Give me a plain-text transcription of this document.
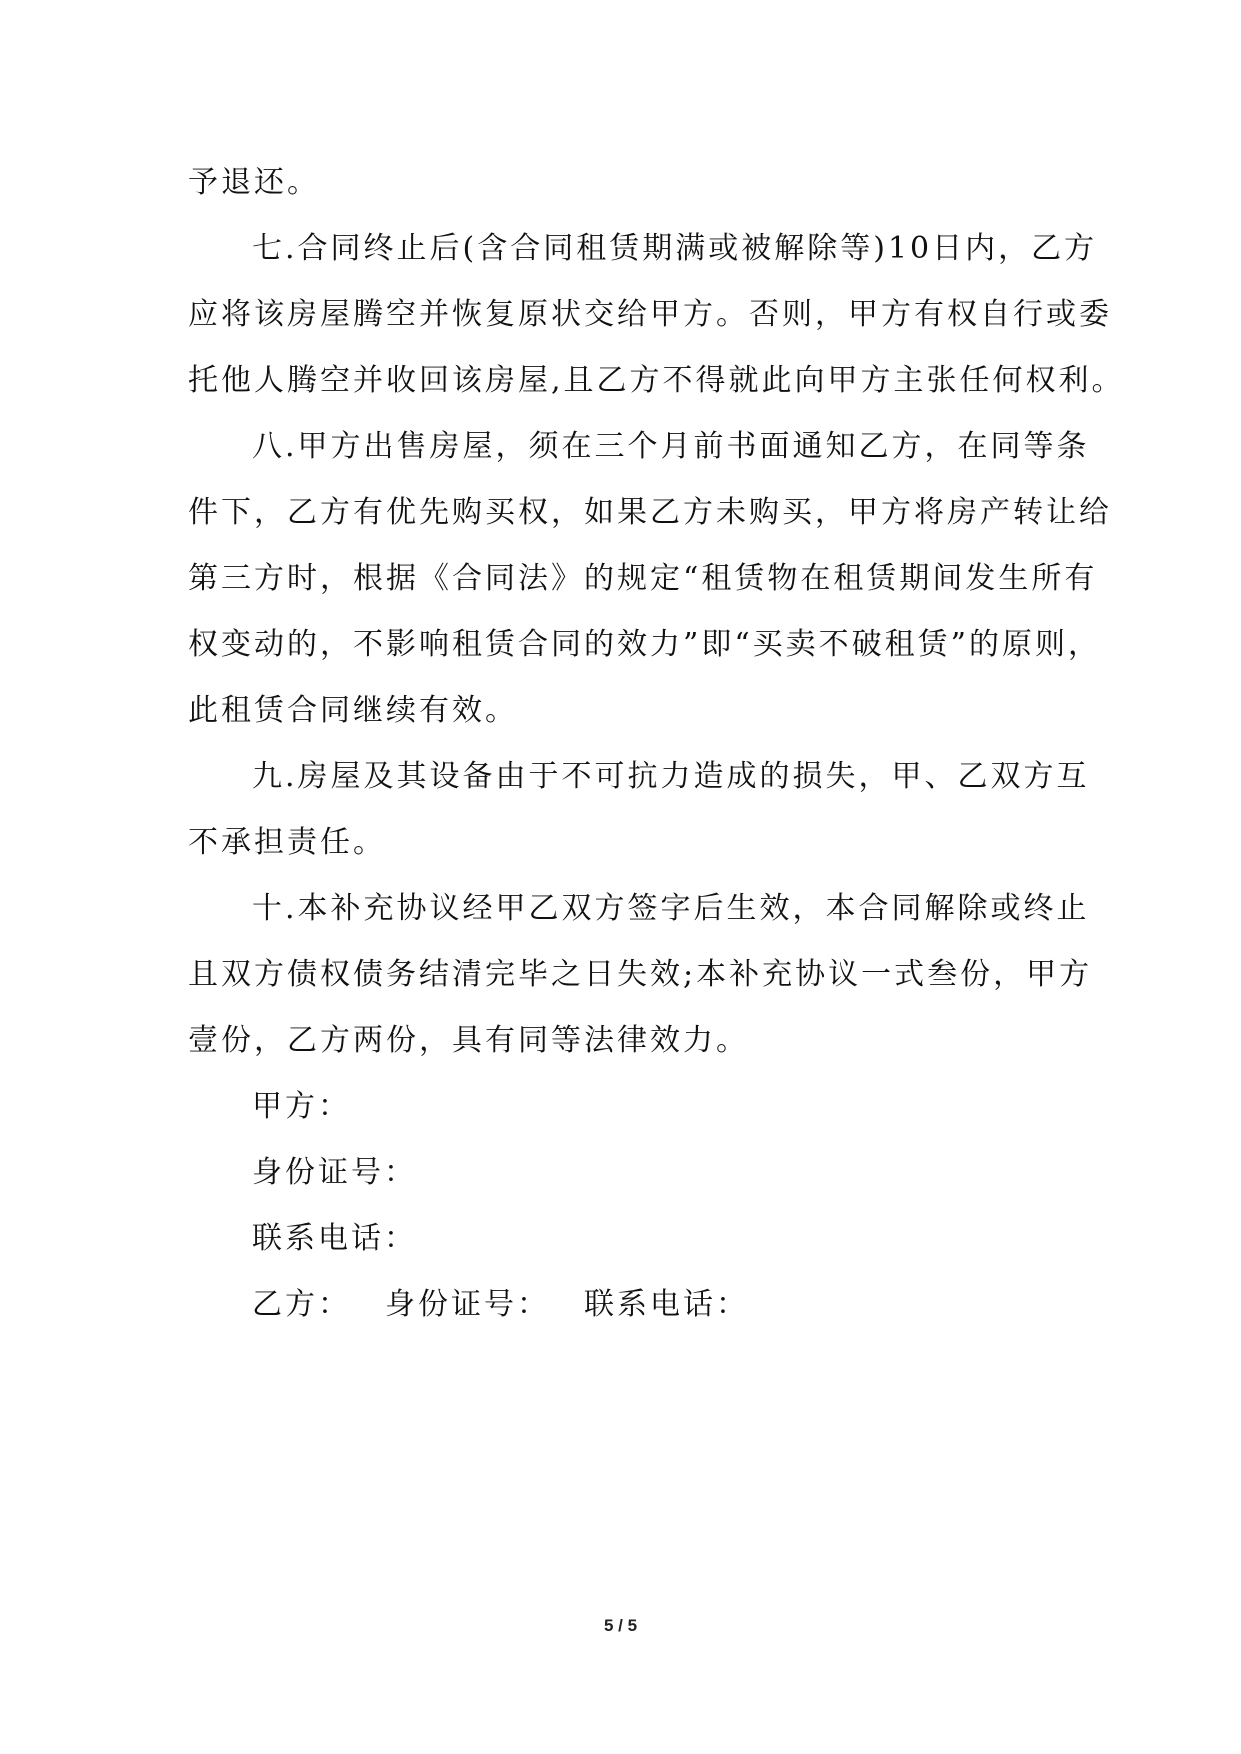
予退还。
七.合同终止后(含合同租赁期满或被解除等)10日内，乙方
应将该房屋腾空并恢复原状交给甲方。否则，甲方有权自行或委
托他人腾空并收回该房屋,且乙方不得就此向甲方主张任何权利。
八.甲方出售房屋，须在三个月前书面通知乙方，在同等条
件下，乙方有优先购买权，如果乙方未购买，甲方将房产转让给
第三方时，根据《合同法》的规定“租赁物在租赁期间发生所有
权变动的，不影响租赁合同的效力”即“买卖不破租赁”的原则，
此租赁合同继续有效。
九.房屋及其设备由于不可抗力造成的损失，甲、乙双方互
不承担责任。
十.本补充协议经甲乙双方签字后生效，本合同解除或终止
且双方债权债务结清完毕之日失效;本补充协议一式叁份，甲方
壹份，乙方两份，具有同等法律效力。
甲方：
身份证号：
联系电话：
乙方： 身份证号： 联系电话：
5 / 5
